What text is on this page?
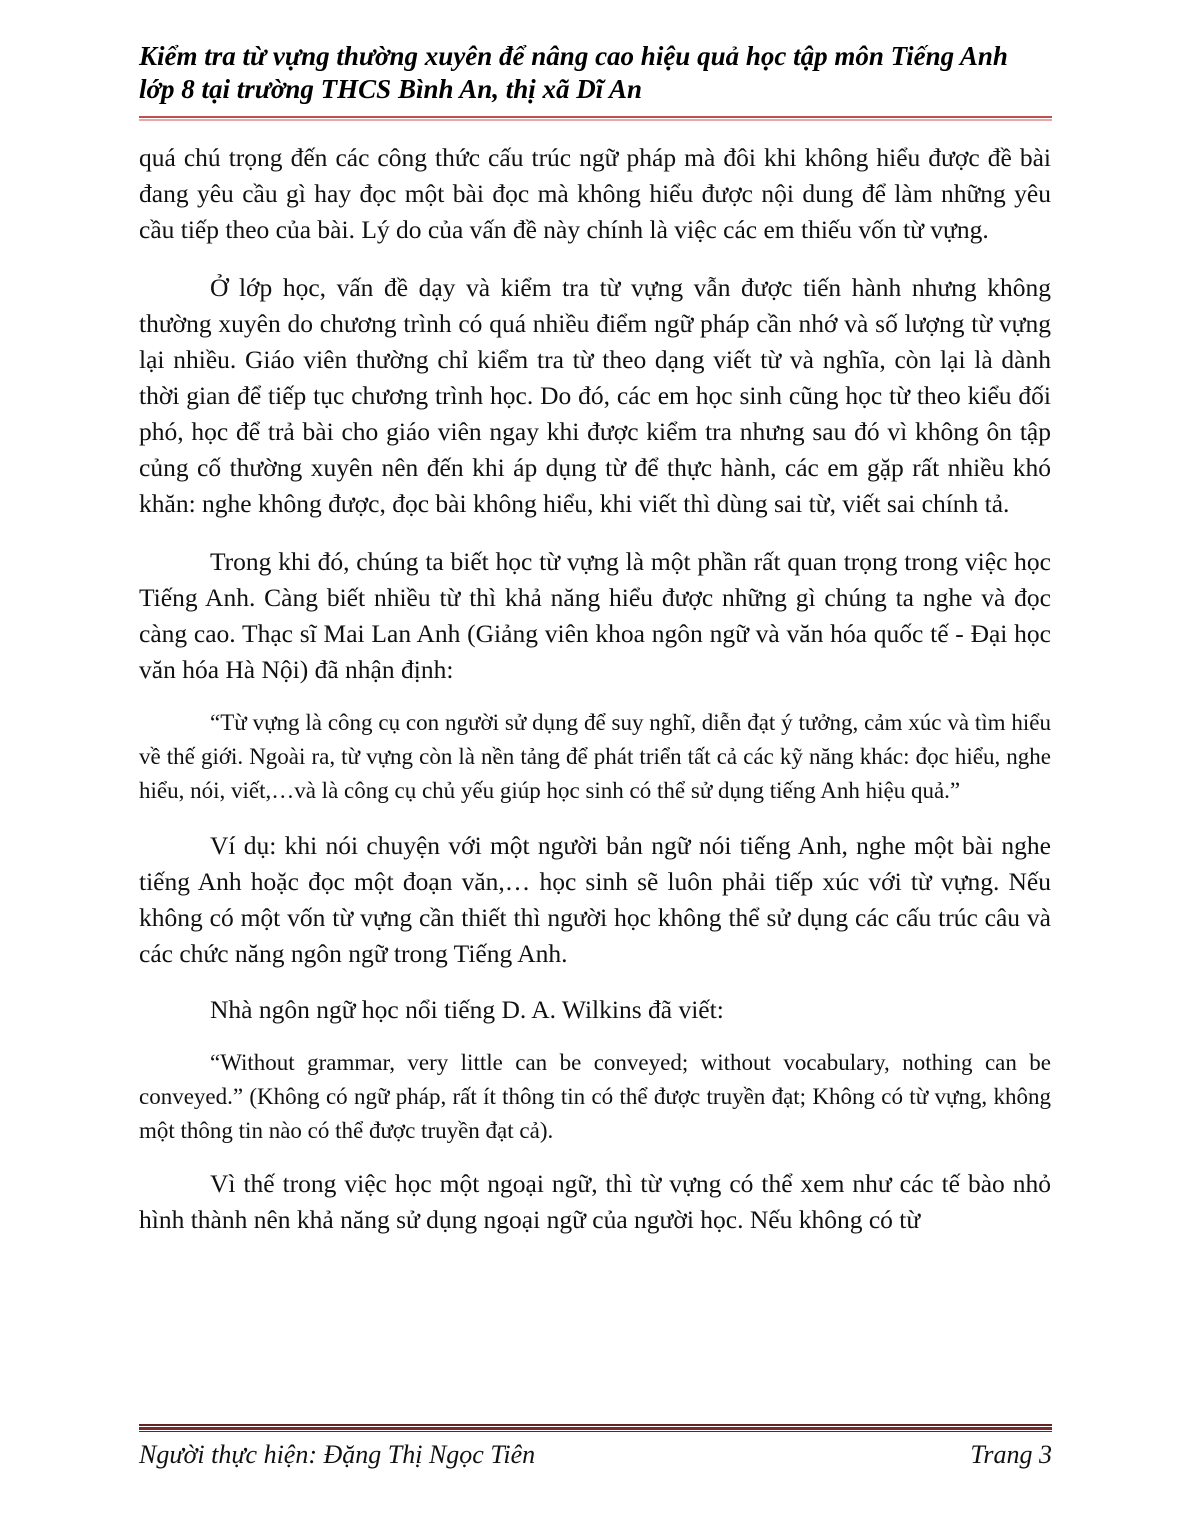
Kiểm tra từ vựng thường xuyên để nâng cao hiệu quả học tập môn Tiếng Anh

lớp 8 tại trường THCS Bình An, thị xã Dĩ An

quá chú trọng đến các công thức cấu trúc ngữ pháp mà đôi khi không hiểu được đề bài đang yêu cầu gì hay đọc một bài đọc mà không hiểu được nội dung để làm những yêu cầu tiếp theo của bài. Lý do của vấn đề này chính là việc các em thiếu vốn từ vựng.

Ở lớp học, vấn đề dạy và kiểm tra từ vựng vẫn được tiến hành nhưng không thường xuyên do chương trình có quá nhiều điểm ngữ pháp cần nhớ và số lượng từ vựng lại nhiều. Giáo viên thường chỉ kiểm tra từ theo dạng viết từ và nghĩa, còn lại là dành thời gian để tiếp tục chương trình học. Do đó, các em học sinh cũng học từ theo kiểu đối phó, học để trả bài cho giáo viên ngay khi được kiểm tra nhưng sau đó vì không ôn tập củng cố thường xuyên nên đến khi áp dụng từ để thực hành, các em gặp rất nhiều khó khăn: nghe không được, đọc bài không hiểu, khi viết thì dùng sai từ, viết sai chính tả.

Trong khi đó, chúng ta biết học từ vựng là một phần rất quan trọng trong việc học Tiếng Anh. Càng biết nhiều từ thì khả năng hiểu được những gì chúng ta nghe và đọc càng cao. Thạc sĩ Mai Lan Anh (Giảng viên khoa ngôn ngữ và văn hóa quốc tế - Đại học văn hóa Hà Nội) đã nhận định:

“Từ vựng là công cụ con người sử dụng để suy nghĩ, diễn đạt ý tưởng, cảm xúc và tìm hiểu về thế giới. Ngoài ra, từ vựng còn là nền tảng để phát triển tất cả các kỹ năng khác: đọc hiểu, nghe hiểu, nói, viết,…và là công cụ chủ yếu giúp học sinh có thể sử dụng tiếng Anh hiệu quả.”

Ví dụ: khi nói chuyện với một người bản ngữ nói tiếng Anh, nghe một bài nghe tiếng Anh hoặc đọc một đoạn văn,… học sinh sẽ luôn phải tiếp xúc với từ vựng. Nếu không có một vốn từ vựng cần thiết thì người học không thể sử dụng các cấu trúc câu và các chức năng ngôn ngữ trong Tiếng Anh.

Nhà ngôn ngữ học nổi tiếng D. A. Wilkins đã viết:

“Without grammar, very little can be conveyed; without vocabulary, nothing can be conveyed.” (Không có ngữ pháp, rất ít thông tin có thể được truyền đạt; Không có từ vựng, không một thông tin nào có thể được truyền đạt cả).

Vì thế trong việc học một ngoại ngữ, thì từ vựng có thể xem như các tế bào nhỏ hình thành nên khả năng sử dụng ngoại ngữ của người học. Nếu không có từ

Người thực hiện: Đặng Thị Ngọc Tiên	Trang 3
